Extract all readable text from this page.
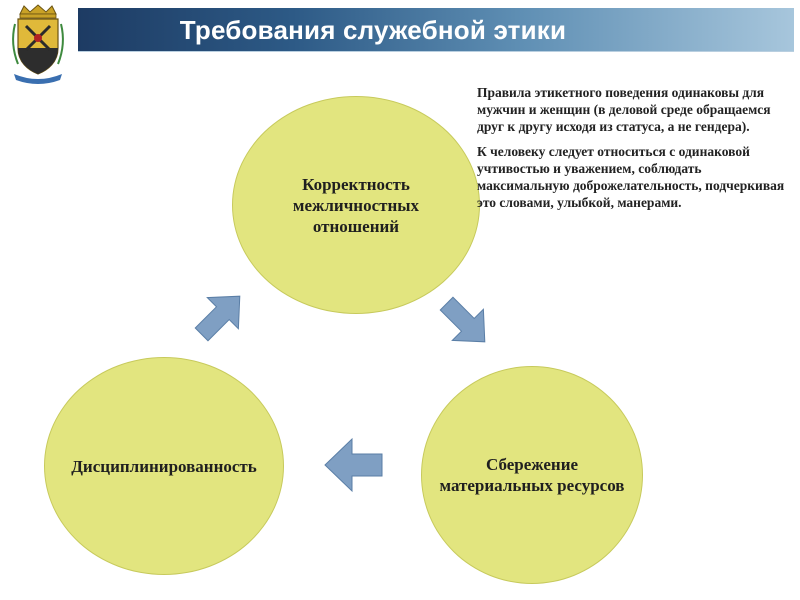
Требования служебной этики
Корректность межличностных отношений
Сбережение материальных ресурсов
Дисциплинированность

Правила этикетного поведения одинаковы для мужчин и женщин (в деловой среде обращаемся друг к другу исходя из статуса, а не гендера).

К человеку следует относиться с одинаковой учтивостью и уважением, соблюдать максимальную доброжелательность, подчеркивая это словами, улыбкой, манерами.
